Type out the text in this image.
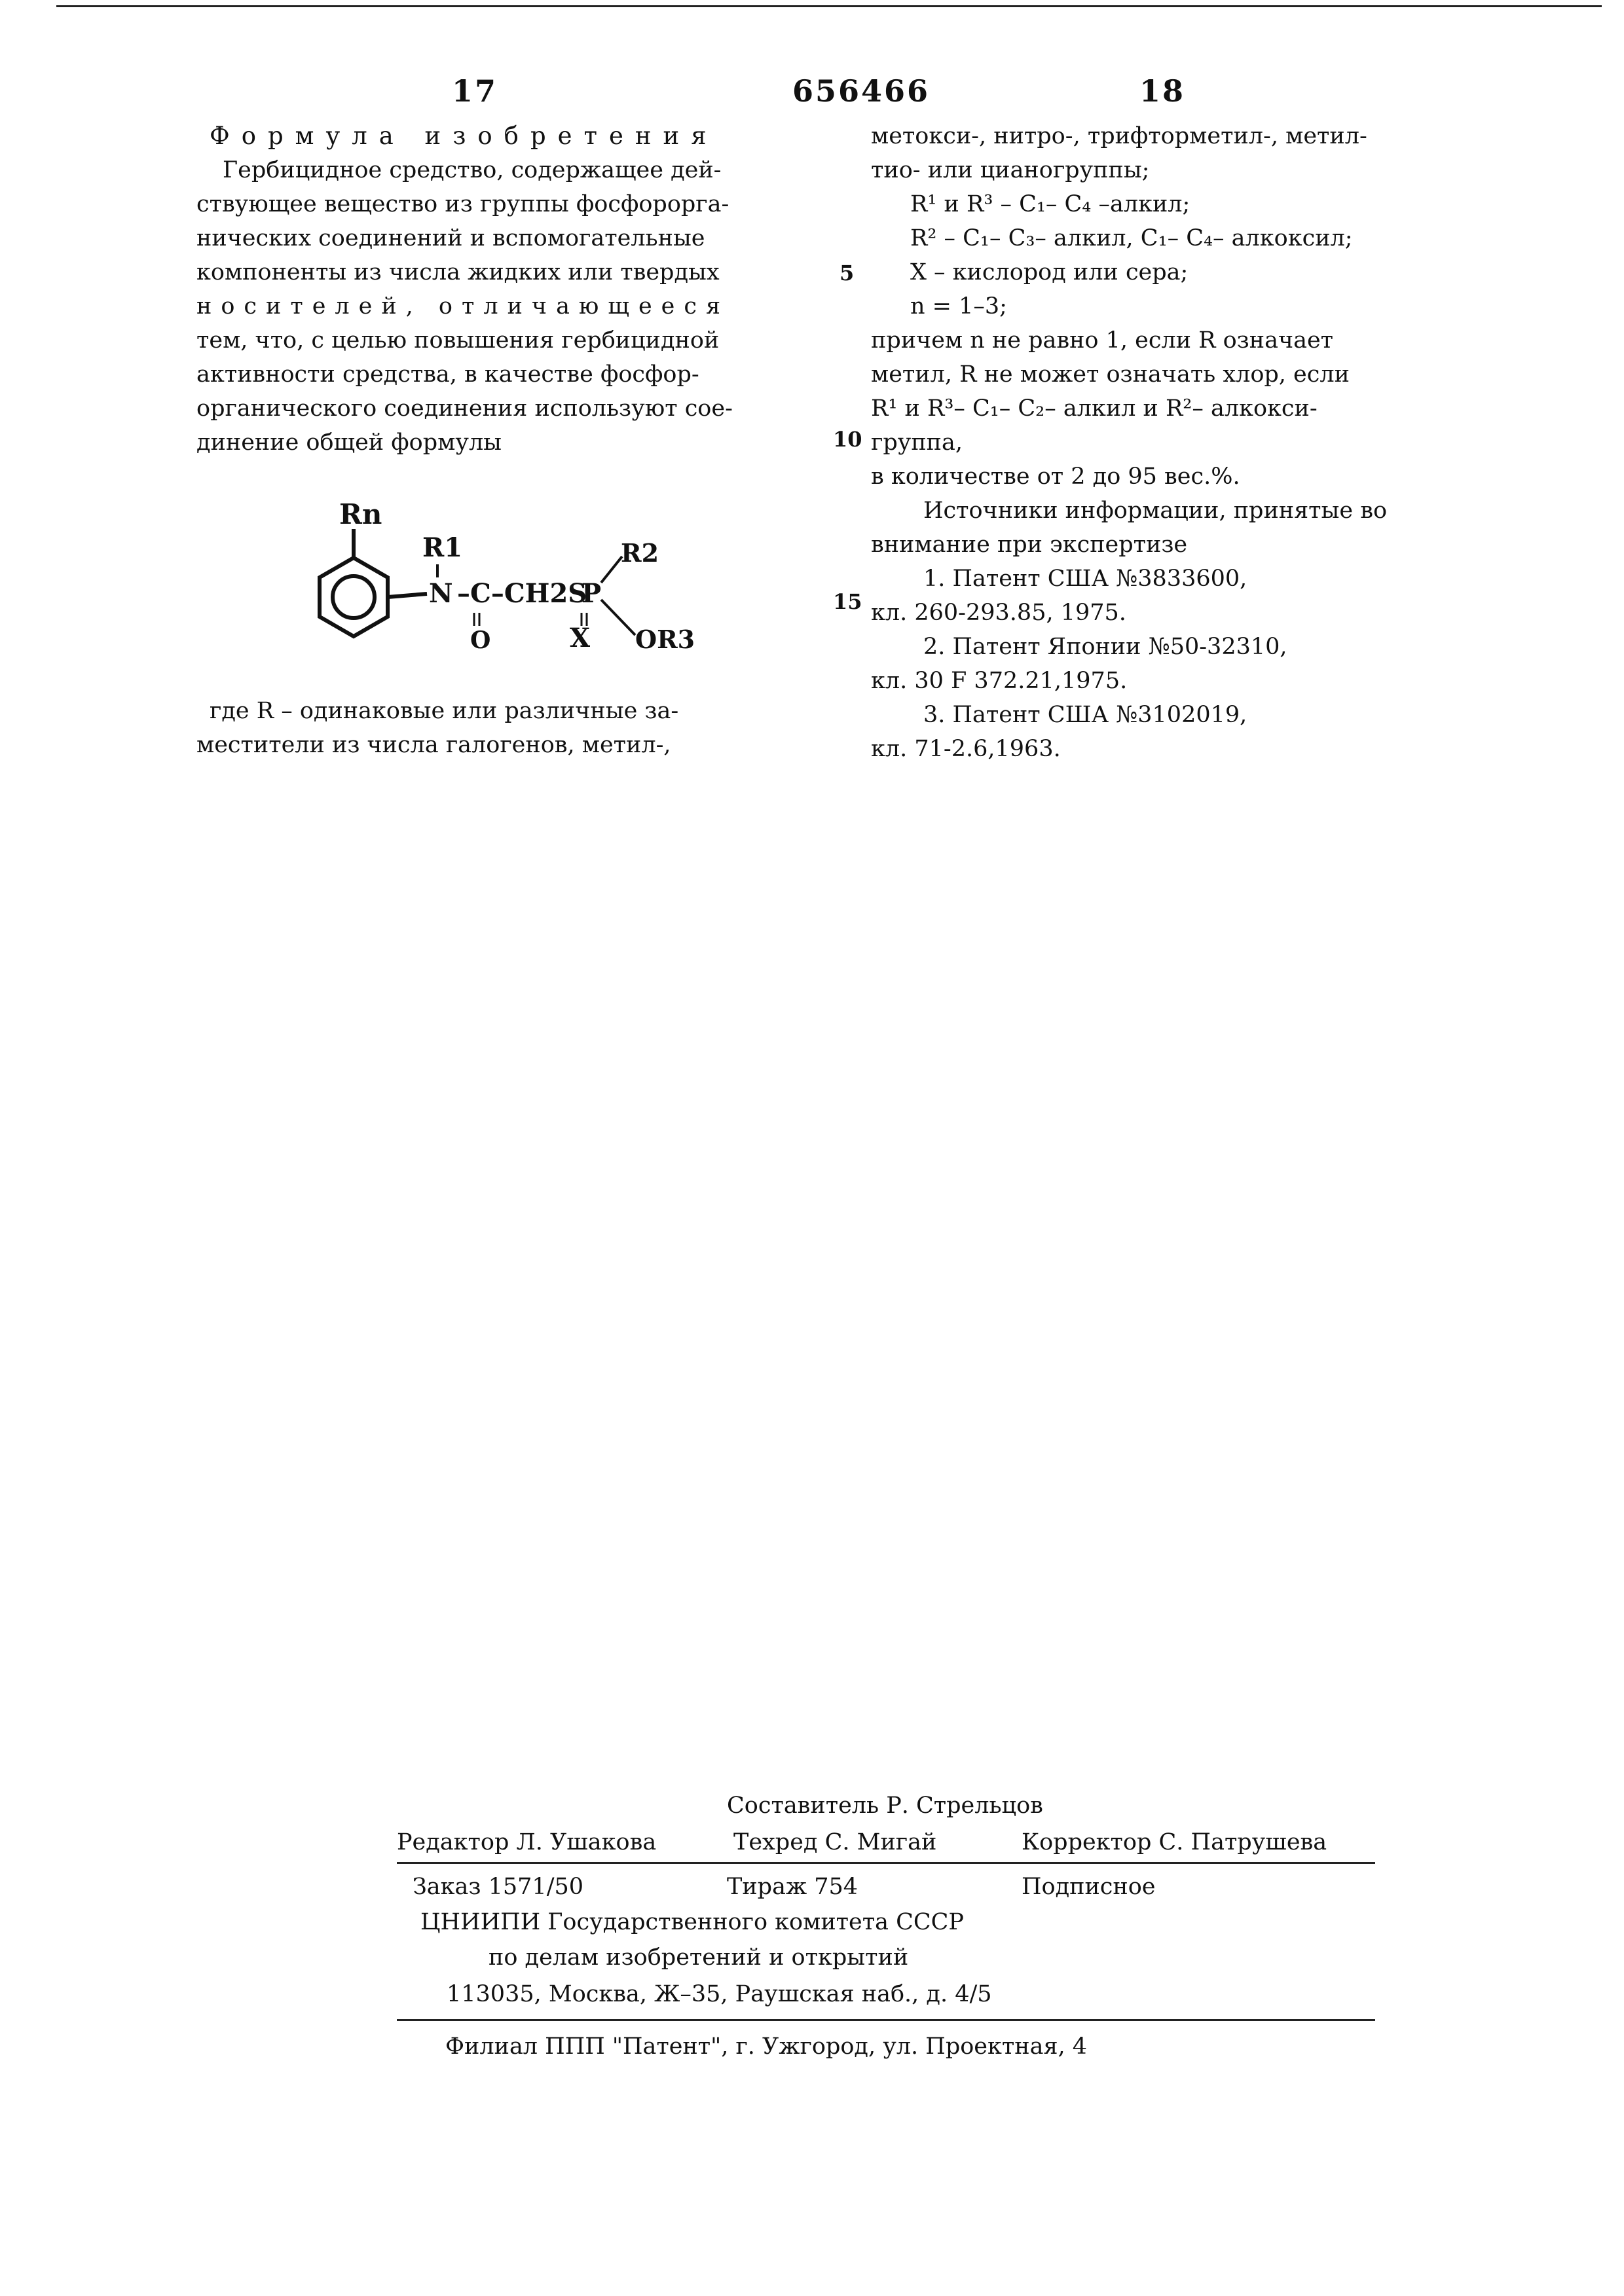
17	656466	18

Формула изобретения

Гербицидное средство, содержащее дей-

ствующее вещество из группы фосфорорга-

нических соединений и вспомогательные

компоненты из числа жидких или твердых

носителей, отличающееся

тем, что, с целью повышения гербицидной

активности средства, в качестве фосфор-

органического соединения используют сое-

динение общей формулы

5
10
15
Rn
R1
N –C–CH2S
O
P
R2
X OR3

где R – одинаковые или различные за-

местители из числа галогенов, метил-,

метокси-, нитро-, трифторметил-, метил-

тио- или цианогруппы;

R¹ и R³ – C₁– C₄ –алкил;

R² – C₁– C₃– алкил, C₁– C₄– алкоксил;

X – кислород или сера;

n = 1–3;

причем n не равно 1, если R означает

метил, R не может означать хлор, если

R¹ и R³– C₁– C₂– алкил и R²– алкокси-

группа,

в количестве от 2 до 95 вес.%.

Источники информации, принятые во

внимание при экспертизе

1. Патент США №3833600,

кл. 260-293.85, 1975.

2. Патент Японии №50-32310,

кл. 30 F 372.21,1975.

3. Патент США №3102019,

кл. 71-2.6,1963.

Составитель Р. Стрельцов

Редактор Л. Ушакова	Техред С. Мигай	Корректор С. Патрушева

Заказ 1571/50	Тираж 754	Подписное

ЦНИИПИ Государственного комитета СССР

по делам изобретений и открытий

113035, Москва, Ж–35, Раушская наб., д. 4/5

Филиал ППП "Патент", г. Ужгород, ул. Проектная, 4
